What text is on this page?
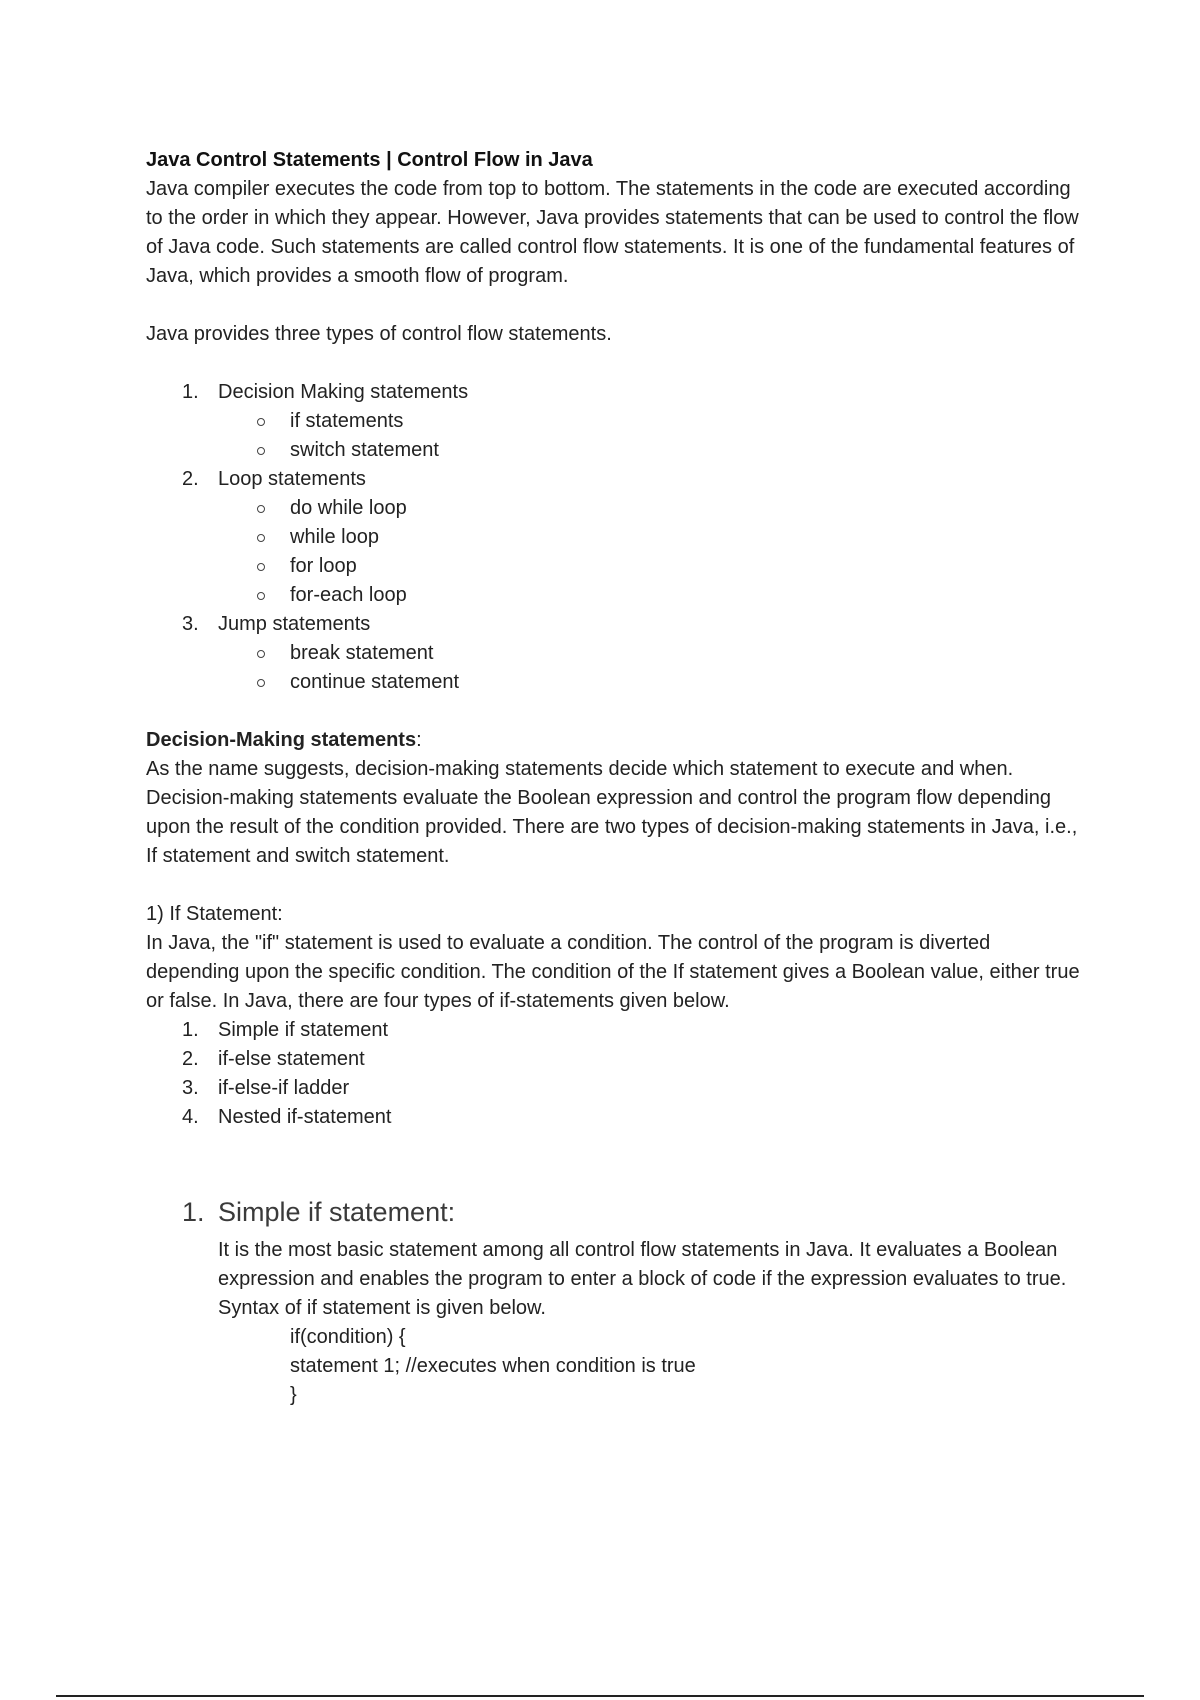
Java Control Statements | Control Flow in Java

Java compiler executes the code from top to bottom. The statements in the code are executed according to the order in which they appear. However, Java provides statements that can be used to control the flow of Java code. Such statements are called control flow statements. It is one of the fundamental features of Java, which provides a smooth flow of program.

Java provides three types of control flow statements.

1. Decision Making statements
if statements
switch statement
2. Loop statements
do while loop
while loop
for loop
for-each loop
3. Jump statements
break statement
continue statement

Decision-Making statements:

As the name suggests, decision-making statements decide which statement to execute and when. Decision-making statements evaluate the Boolean expression and control the program flow depending upon the result of the condition provided. There are two types of decision-making statements in Java, i.e., If statement and switch statement.

1) If Statement:

In Java, the "if" statement is used to evaluate a condition. The control of the program is diverted depending upon the specific condition. The condition of the If statement gives a Boolean value, either true or false. In Java, there are four types of if-statements given below.

1. Simple if statement
2. if-else statement
3. if-else-if ladder
4. Nested if-statement
1. Simple if statement:

It is the most basic statement among all control flow statements in Java. It evaluates a Boolean expression and enables the program to enter a block of code if the expression evaluates to true.

Syntax of if statement is given below.

if(condition) {

statement 1; //executes when condition is true

}
